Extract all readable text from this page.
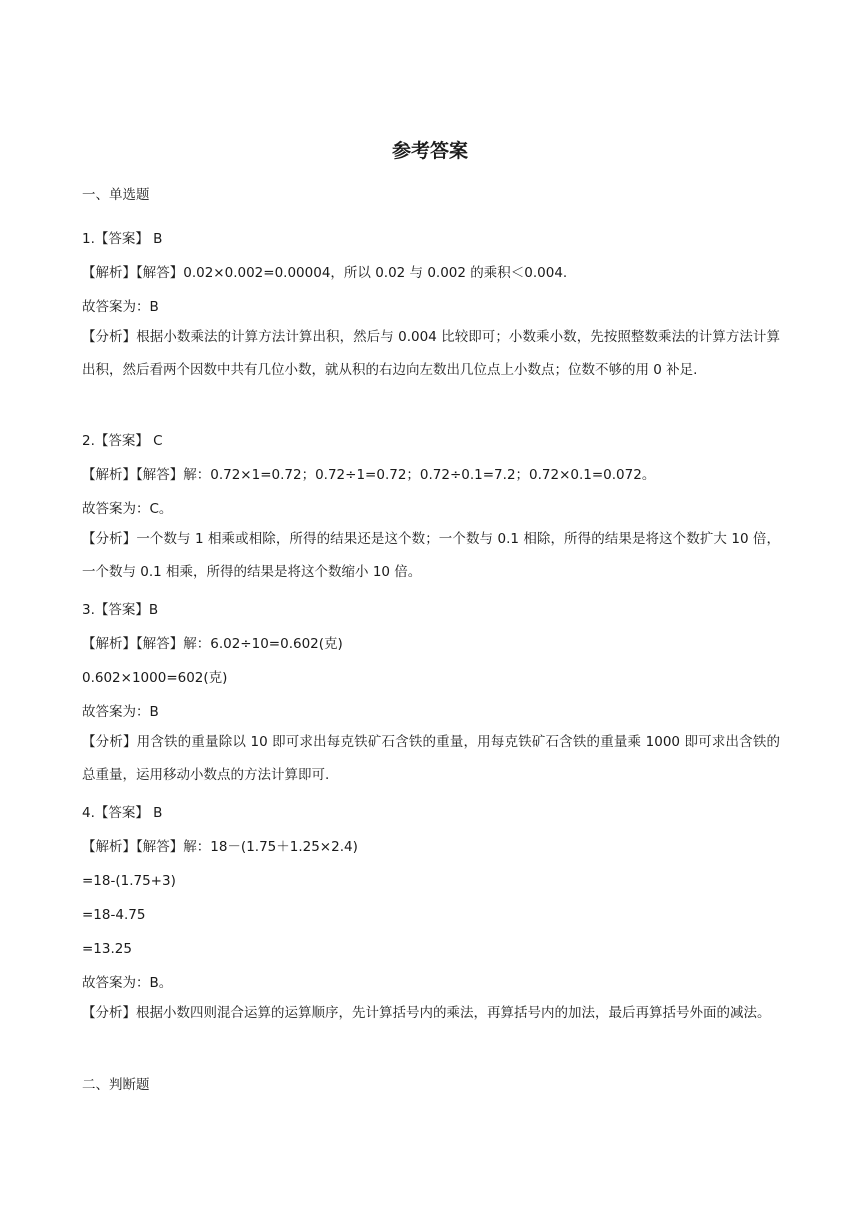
参考答案
一、单选题
1.【答案】 B
【解析】【解答】0.02×0.002=0.00004，所以 0.02 与 0.002 的乘积＜0.004.
故答案为：B
【分析】根据小数乘法的计算方法计算出积，然后与 0.004 比较即可；小数乘小数，先按照整数乘法的计算方法计算出积，然后看两个因数中共有几位小数，就从积的右边向左数出几位点上小数点；位数不够的用 0 补足.
2.【答案】 C
【解析】【解答】解：0.72×1=0.72；0.72÷1=0.72；0.72÷0.1=7.2；0.72×0.1=0.072。
故答案为：C。
【分析】一个数与 1 相乘或相除，所得的结果还是这个数；一个数与 0.1 相除，所得的结果是将这个数扩大 10 倍，一个数与 0.1 相乘，所得的结果是将这个数缩小 10 倍。
3.【答案】B
【解析】【解答】解：6.02÷10=0.602(克)
0.602×1000=602(克)
故答案为：B
【分析】用含铁的重量除以 10 即可求出每克铁矿石含铁的重量，用每克铁矿石含铁的重量乘 1000 即可求出含铁的总重量，运用移动小数点的方法计算即可.
4.【答案】 B
【解析】【解答】解：18－(1.75＋1.25×2.4)
=18-(1.75+3)
=18-4.75
=13.25
故答案为：B。
【分析】根据小数四则混合运算的运算顺序，先计算括号内的乘法，再算括号内的加法，最后再算括号外面的减法。
二、判断题
